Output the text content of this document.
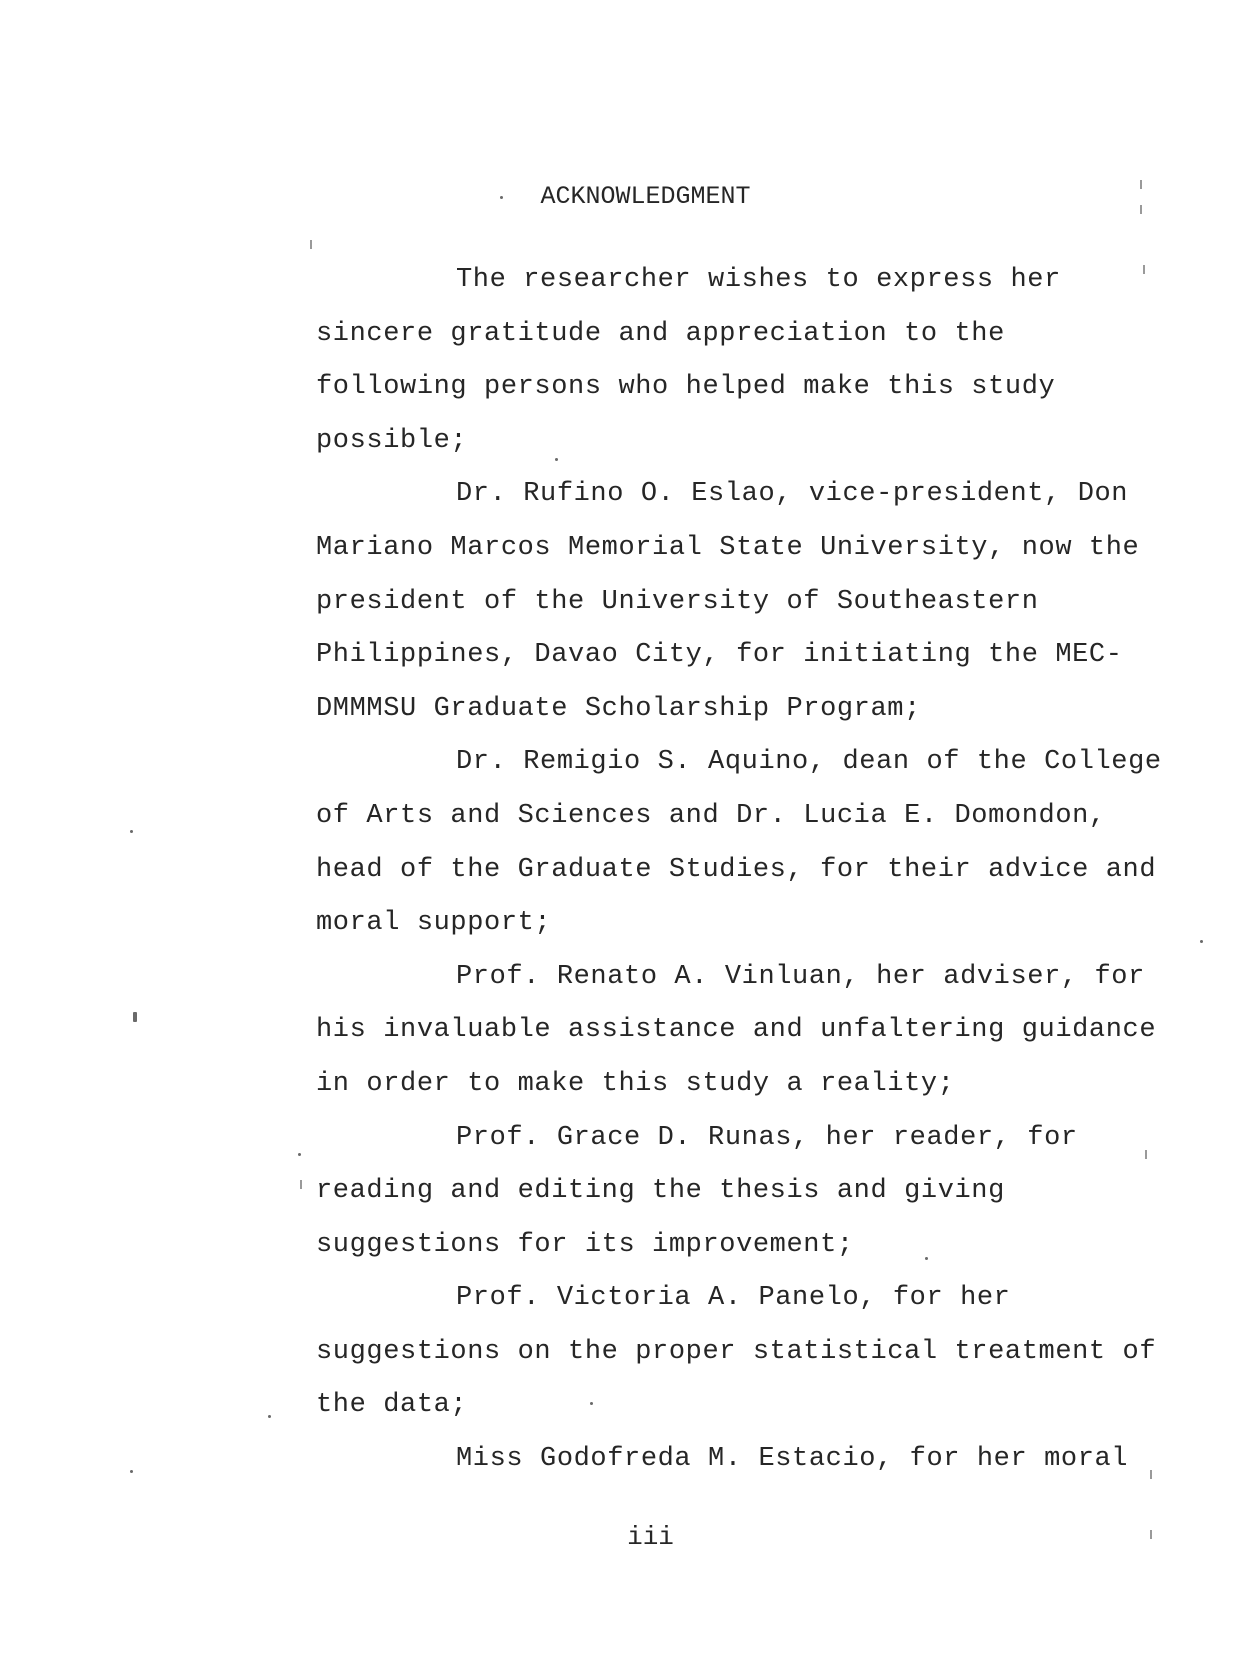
ACKNOWLEDGMENT

The researcher wishes to express her sincere gratitude and appreciation to the following persons who helped make this study possible;

Dr. Rufino O. Eslao, vice-president, Don Mariano Marcos Memorial State University, now the president of the University of Southeastern Philippines, Davao City, for initiating the MEC-DMMMSU Graduate Scholarship Program;

Dr. Remigio S. Aquino, dean of the College of Arts and Sciences and Dr. Lucia E. Domondon, head of the Graduate Studies, for their advice and moral support;

Prof. Renato A. Vinluan, her adviser, for his invaluable assistance and unfaltering guidance in order to make this study a reality;

Prof. Grace D. Runas, her reader, for reading and editing the thesis and giving suggestions for its improvement;

Prof. Victoria A. Panelo, for her suggestions on the proper statistical treatment of the data;

Miss Godofreda M. Estacio, for her moral

iii
